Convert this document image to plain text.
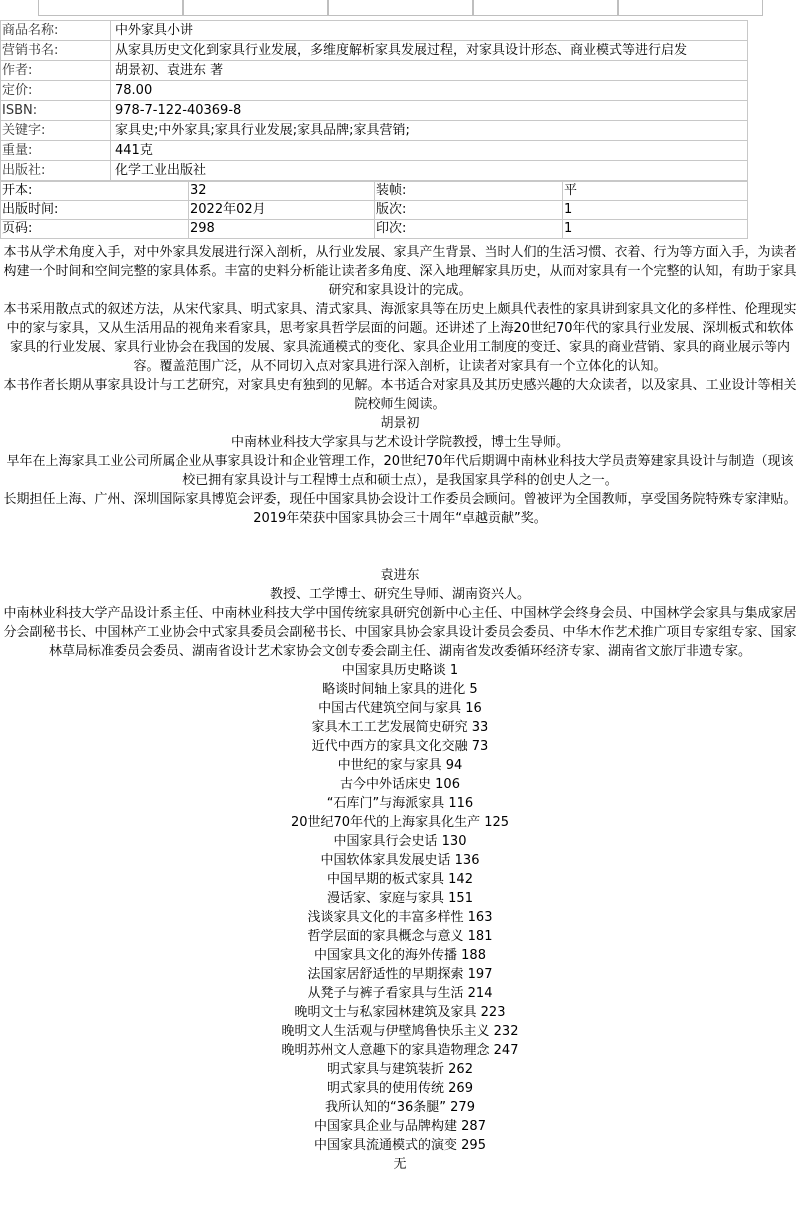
商品名称:	中外家具小讲
营销书名:	从家具历史文化到家具行业发展，多维度解析家具发展过程，对家具设计形态、商业模式等进行启发
作者:	胡景初、袁进东 著
定价:	78.00
ISBN:	978-7-122-40369-8
关键字:	家具史;中外家具;家具行业发展;家具品牌;家具营销;
重量:	441克
出版社:	化学工业出版社
开本:	32	装帧:	平
出版时间:	2022年02月	版次:	1
页码:	298	印次:	1

本书从学术角度入手，对中外家具发展进行深入剖析，从行业发展、家具产生背景、当时人们的生活习惯、衣着、行为等方面入手，为读者构建一个时间和空间完整的家具体系。丰富的史料分析能让读者多角度、深入地理解家具历史，从而对家具有一个完整的认知，有助于家具研究和家具设计的完成。

本书采用散点式的叙述方法，从宋代家具、明式家具、清式家具、海派家具等在历史上颇具代表性的家具讲到家具文化的多样性、伦理现实中的家与家具，又从生活用品的视角来看家具，思考家具哲学层面的问题。还讲述了上海20世纪70年代的家具行业发展、深圳板式和软体家具的行业发展、家具行业协会在我国的发展、家具流通模式的变化、家具企业用工制度的变迁、家具的商业营销、家具的商业展示等内容。覆盖范围广泛，从不同切入点对家具进行深入剖析，让读者对家具有一个立体化的认知。

本书作者长期从事家具设计与工艺研究，对家具史有独到的见解。本书适合对家具及其历史感兴趣的大众读者，以及家具、工业设计等相关院校师生阅读。

胡景初

中南林业科技大学家具与艺术设计学院教授，博士生导师。

早年在上海家具工业公司所属企业从事家具设计和企业管理工作，20世纪70年代后期调中南林业科技大学员责筹建家具设计与制造（现该校已拥有家具设计与工程博士点和硕士点），是我国家具学科的创史人之一。

长期担任上海、广州、深圳国际家具博览会评委，现任中国家具协会设计工作委员会顾问。曾被评为全国教师，享受国务院特殊专家津贴。2019年荣获中国家具协会三十周年“卓越贡献”奖。

袁进东

教授、工学博士、研究生导师、湖南资兴人。

中南林业科技大学产品设计系主任、中南林业科技大学中国传统家具研究创新中心主任、中国林学会终身会员、中国林学会家具与集成家居分会副秘书长、中国林产工业协会中式家具委员会副秘书长、中国家具协会家具设计委员会委员、中华木作艺术推广项目专家组专家、国家林草局标准委员会委员、湖南省设计艺术家协会文创专委会副主任、湖南省发改委循环经济专家、湖南省文旅厅非遗专家。

中国家具历史略谈 1
略谈时间轴上家具的进化 5
中国古代建筑空间与家具 16
家具木工工艺发展简史研究 33
近代中西方的家具文化交融 73
中世纪的家与家具 94
古今中外话床史 106
“石库门”与海派家具 116
20世纪70年代的上海家具化生产 125
中国家具行会史话 130
中国软体家具发展史话 136
中国早期的板式家具 142
漫话家、家庭与家具 151
浅谈家具文化的丰富多样性 163
哲学层面的家具概念与意义 181
中国家具文化的海外传播 188
法国家居舒适性的早期探索 197
从凳子与裤子看家具与生活 214
晚明文士与私家园林建筑及家具 223
晚明文人生活观与伊壁鸠鲁快乐主义 232
晚明苏州文人意趣下的家具造物理念 247
明式家具与建筑装折 262
明式家具的使用传统 269
我所认知的“36条腿” 279
中国家具企业与品牌构建 287
中国家具流通模式的演变 295

无
